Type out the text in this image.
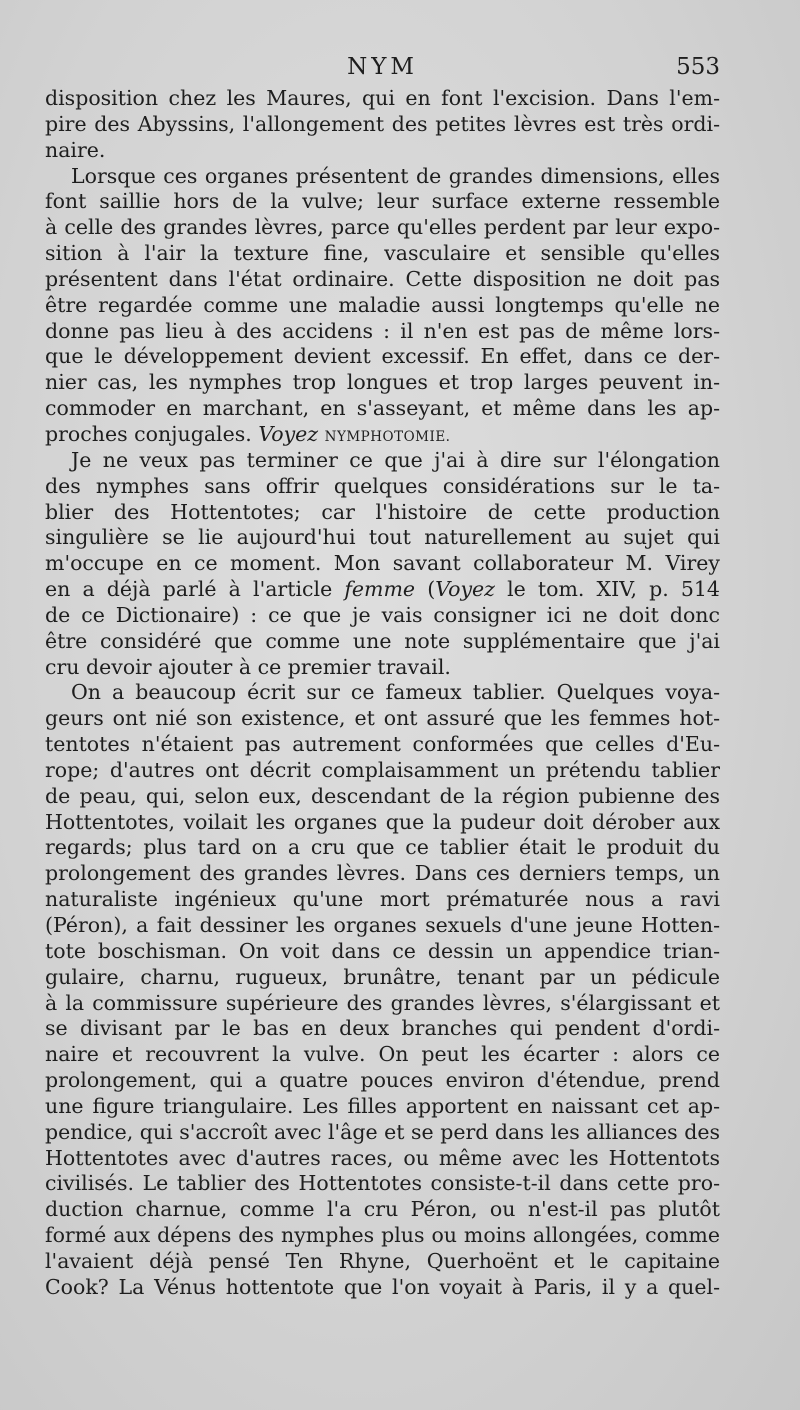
NYM	553
disposition chez les Maures, qui en font l'excision. Dans l'em-
pire des Abyssins, l'allongement des petites lèvres est très ordi-
naire.
Lorsque ces organes présentent de grandes dimensions, elles
font saillie hors de la vulve; leur surface externe ressemble
à celle des grandes lèvres, parce qu'elles perdent par leur expo-
sition à l'air la texture fine, vasculaire et sensible qu'elles
présentent dans l'état ordinaire. Cette disposition ne doit pas
être regardée comme une maladie aussi longtemps qu'elle ne
donne pas lieu à des accidens : il n'en est pas de même lors-
que le développement devient excessif. En effet, dans ce der-
nier cas, les nymphes trop longues et trop larges peuvent in-
commoder en marchant, en s'asseyant, et même dans les ap-
proches conjugales. Voyez NYMPHOTOMIE.
Je ne veux pas terminer ce que j'ai à dire sur l'élongation
des nymphes sans offrir quelques considérations sur le ta-
blier des Hottentotes; car l'histoire de cette production
singulière se lie aujourd'hui tout naturellement au sujet qui
m'occupe en ce moment. Mon savant collaborateur M. Virey
en a déjà parlé à l'article femme (Voyez le tom. XIV, p. 514
de ce Dictionaire) : ce que je vais consigner ici ne doit donc
être considéré que comme une note supplémentaire que j'ai
cru devoir ajouter à ce premier travail.
On a beaucoup écrit sur ce fameux tablier. Quelques voya-
geurs ont nié son existence, et ont assuré que les femmes hot-
tentotes n'étaient pas autrement conformées que celles d'Eu-
rope; d'autres ont décrit complaisamment un prétendu tablier
de peau, qui, selon eux, descendant de la région pubienne des
Hottentotes, voilait les organes que la pudeur doit dérober aux
regards; plus tard on a cru que ce tablier était le produit du
prolongement des grandes lèvres. Dans ces derniers temps, un
naturaliste ingénieux qu'une mort prématurée nous a ravi
(Péron), a fait dessiner les organes sexuels d'une jeune Hotten-
tote boschisman. On voit dans ce dessin un appendice trian-
gulaire, charnu, rugueux, brunâtre, tenant par un pédicule
à la commissure supérieure des grandes lèvres, s'élargissant et
se divisant par le bas en deux branches qui pendent d'ordi-
naire et recouvrent la vulve. On peut les écarter : alors ce
prolongement, qui a quatre pouces environ d'étendue, prend
une figure triangulaire. Les filles apportent en naissant cet ap-
pendice, qui s'accroît avec l'âge et se perd dans les alliances des
Hottentotes avec d'autres races, ou même avec les Hottentots
civilisés. Le tablier des Hottentotes consiste-t-il dans cette pro-
duction charnue, comme l'a cru Péron, ou n'est-il pas plutôt
formé aux dépens des nymphes plus ou moins allongées, comme
l'avaient déjà pensé Ten Rhyne, Querhoënt et le capitaine
Cook? La Vénus hottentote que l'on voyait à Paris, il y a quel-
